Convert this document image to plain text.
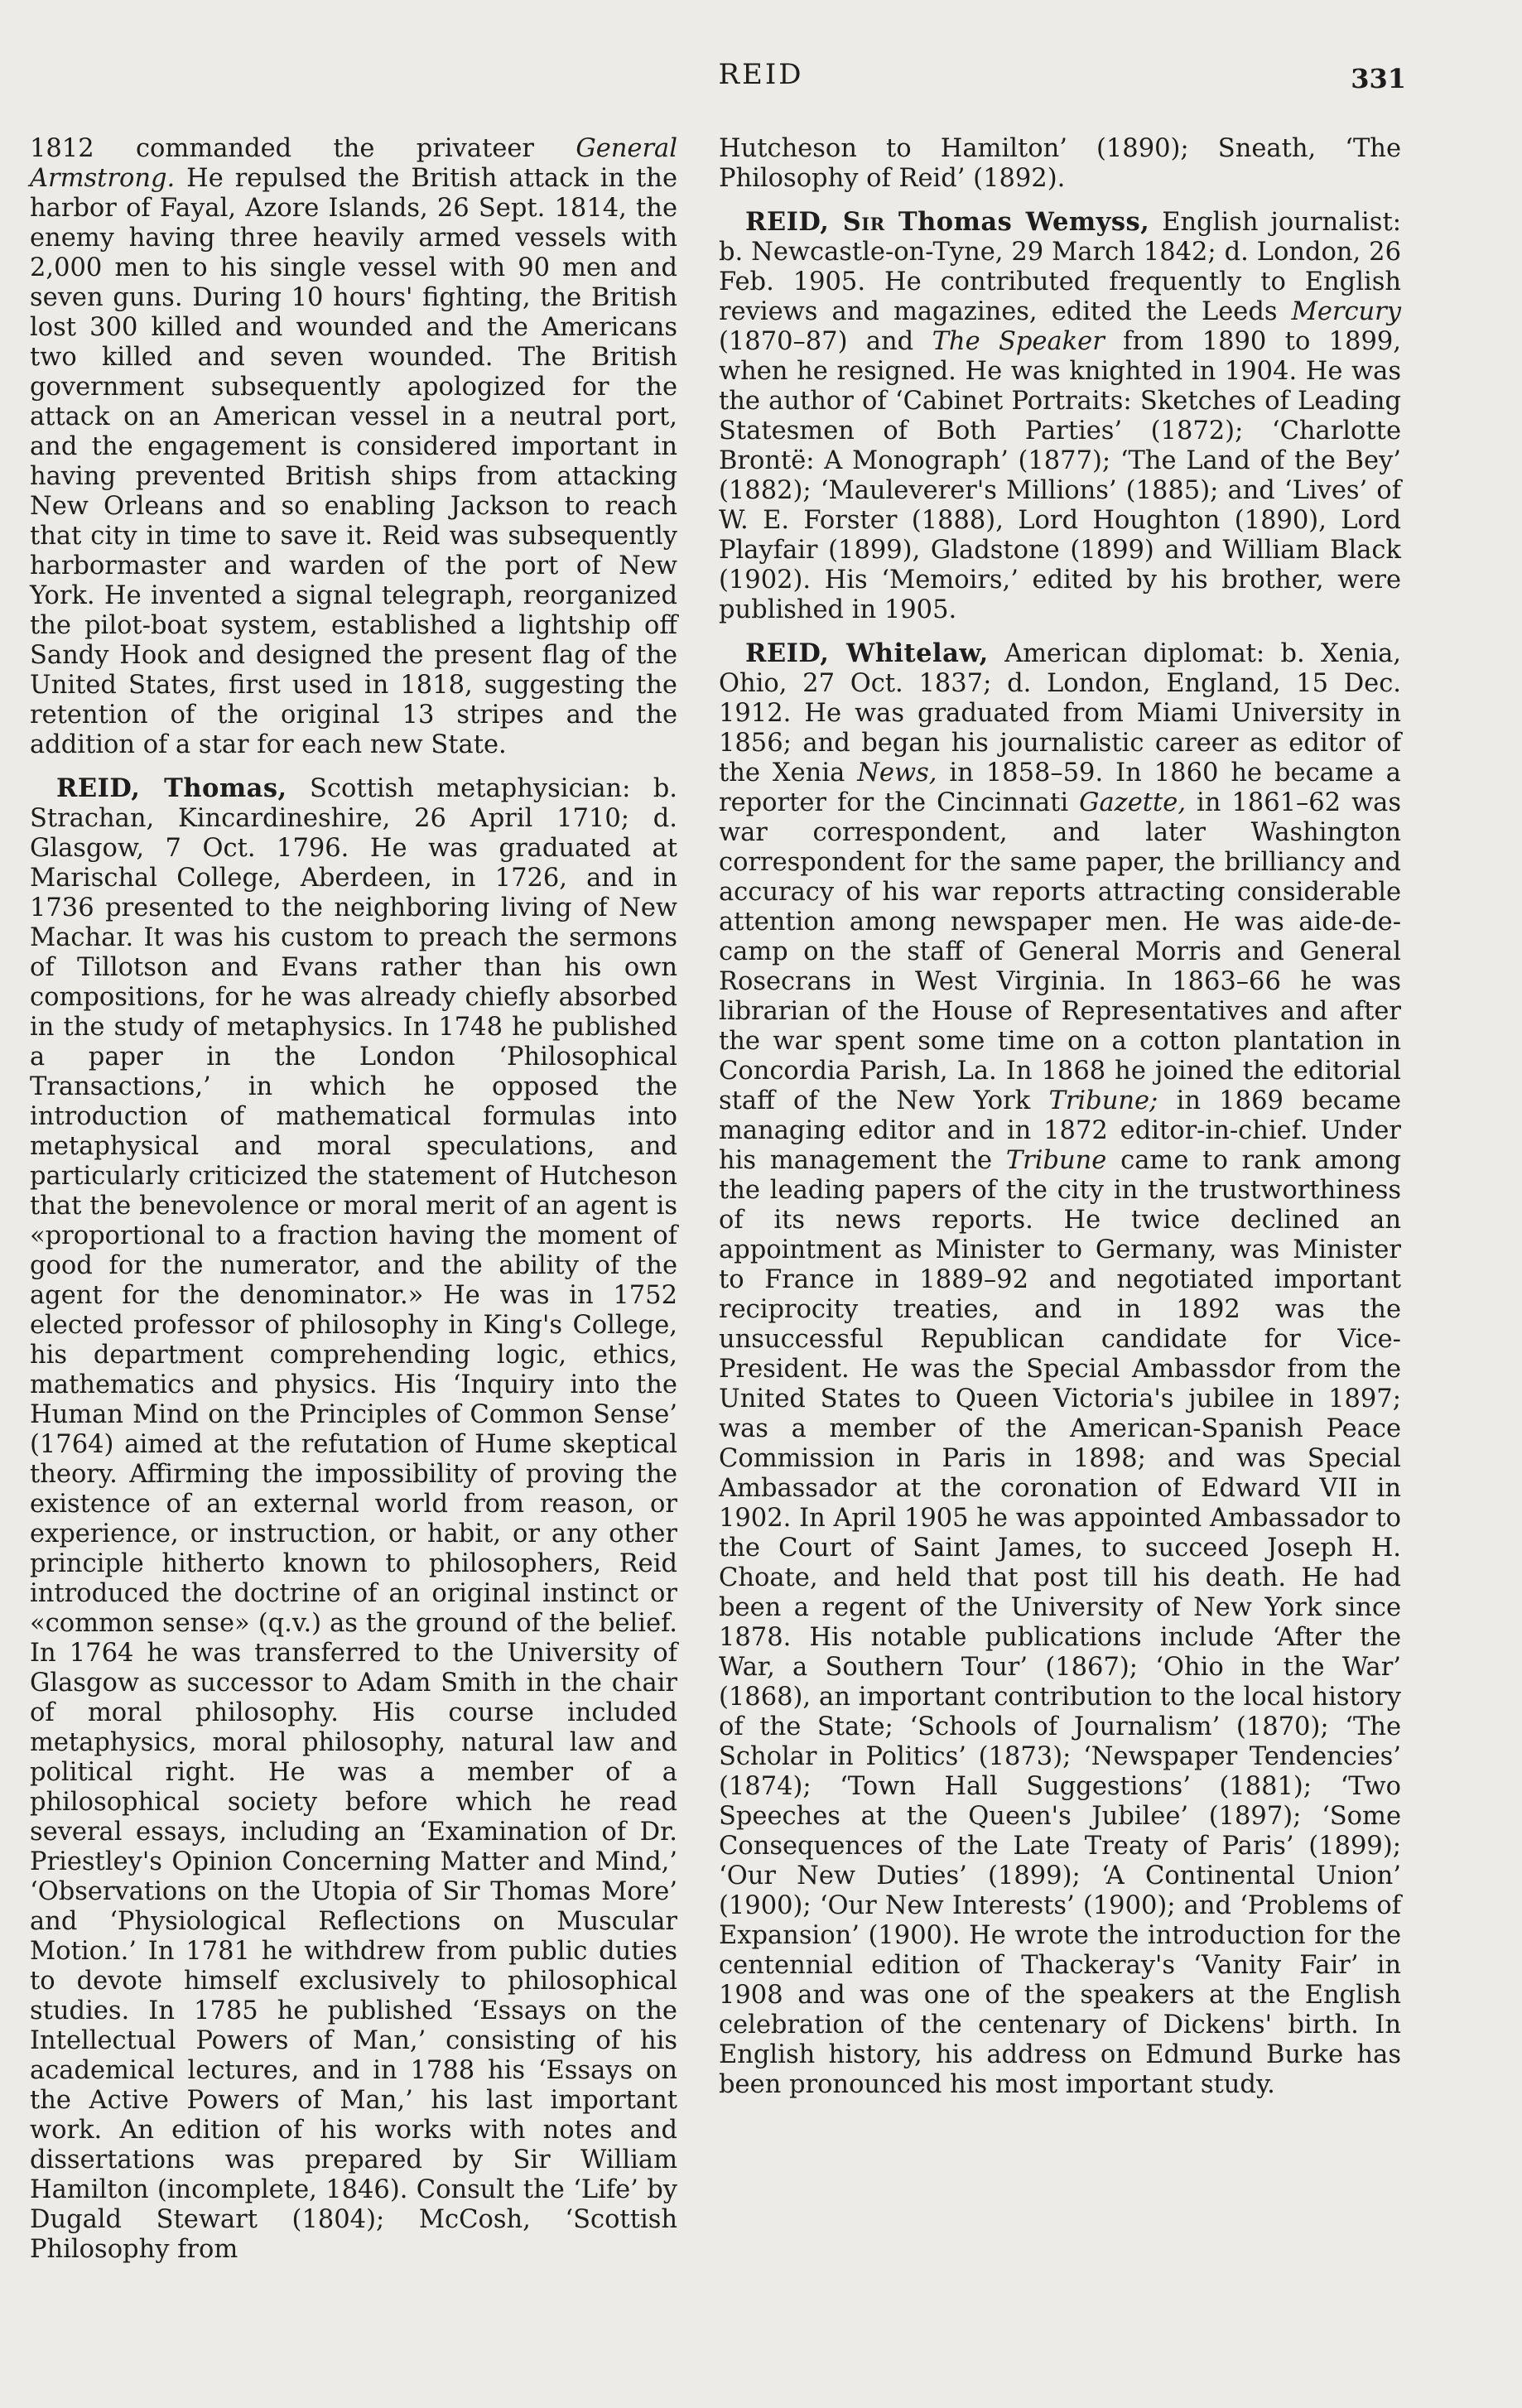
REID	331

1812 commanded the privateer General Armstrong. He repulsed the British attack in the harbor of Fayal, Azore Islands, 26 Sept. 1814, the enemy having three heavily armed vessels with 2,000 men to his single vessel with 90 men and seven guns. During 10 hours' fighting, the British lost 300 killed and wounded and the Americans two killed and seven wounded. The British government subsequently apologized for the attack on an American vessel in a neutral port, and the engagement is considered important in having prevented British ships from attacking New Orleans and so enabling Jackson to reach that city in time to save it. Reid was subsequently harbormaster and warden of the port of New York. He invented a signal telegraph, reorganized the pilot-boat system, established a lightship off Sandy Hook and designed the present flag of the United States, first used in 1818, suggesting the retention of the original 13 stripes and the addition of a star for each new State.

REID, Thomas, Scottish metaphysician: b. Strachan, Kincardineshire, 26 April 1710; d. Glasgow, 7 Oct. 1796. He was graduated at Marischal College, Aberdeen, in 1726, and in 1736 presented to the neighboring living of New Machar. It was his custom to preach the sermons of Tillotson and Evans rather than his own compositions, for he was already chiefly absorbed in the study of metaphysics. In 1748 he published a paper in the London ‘Philosophical Transactions,’ in which he opposed the introduction of mathematical formulas into metaphysical and moral speculations, and particularly criticized the statement of Hutcheson that the benevolence or moral merit of an agent is «proportional to a fraction having the moment of good for the numerator, and the ability of the agent for the denominator.» He was in 1752 elected professor of philosophy in King's College, his department comprehending logic, ethics, mathematics and physics. His ‘Inquiry into the Human Mind on the Principles of Common Sense’ (1764) aimed at the refutation of Hume skeptical theory. Affirming the impossibility of proving the existence of an external world from reason, or experience, or instruction, or habit, or any other principle hitherto known to philosophers, Reid introduced the doctrine of an original instinct or «common sense» (q.v.) as the ground of the belief. In 1764 he was transferred to the University of Glasgow as successor to Adam Smith in the chair of moral philosophy. His course included metaphysics, moral philosophy, natural law and political right. He was a member of a philosophical society before which he read several essays, including an ‘Examination of Dr. Priestley's Opinion Concerning Matter and Mind,’ ‘Observations on the Utopia of Sir Thomas More’ and ‘Physiological Reflections on Muscular Motion.’ In 1781 he withdrew from public duties to devote himself exclusively to philosophical studies. In 1785 he published ‘Essays on the Intellectual Powers of Man,’ consisting of his academical lectures, and in 1788 his ‘Essays on the Active Powers of Man,’ his last important work. An edition of his works with notes and dissertations was prepared by Sir William Hamilton (incomplete, 1846). Consult the ‘Life’ by Dugald Stewart (1804); McCosh, ‘Scottish Philosophy from

Hutcheson to Hamilton’ (1890); Sneath, ‘The Philosophy of Reid’ (1892).

REID, Sir Thomas Wemyss, English journalist: b. Newcastle-on-Tyne, 29 March 1842; d. London, 26 Feb. 1905. He contributed frequently to English reviews and magazines, edited the Leeds Mercury (1870–87) and The Speaker from 1890 to 1899, when he resigned. He was knighted in 1904. He was the author of ‘Cabinet Portraits: Sketches of Leading Statesmen of Both Parties’ (1872); ‘Charlotte Brontë: A Monograph’ (1877); ‘The Land of the Bey’ (1882); ‘Mauleverer's Millions’ (1885); and ‘Lives’ of W. E. Forster (1888), Lord Houghton (1890), Lord Playfair (1899), Gladstone (1899) and William Black (1902). His ‘Memoirs,’ edited by his brother, were published in 1905.

REID, Whitelaw, American diplomat: b. Xenia, Ohio, 27 Oct. 1837; d. London, England, 15 Dec. 1912. He was graduated from Miami University in 1856; and began his journalistic career as editor of the Xenia News, in 1858–59. In 1860 he became a reporter for the Cincinnati Gazette, in 1861–62 was war correspondent, and later Washington correspondent for the same paper, the brilliancy and accuracy of his war reports attracting considerable attention among newspaper men. He was aide-de-camp on the staff of General Morris and General Rosecrans in West Virginia. In 1863–66 he was librarian of the House of Representatives and after the war spent some time on a cotton plantation in Concordia Parish, La. In 1868 he joined the editorial staff of the New York Tribune; in 1869 became managing editor and in 1872 editor-in-chief. Under his management the Tribune came to rank among the leading papers of the city in the trustworthiness of its news reports. He twice declined an appointment as Minister to Germany, was Minister to France in 1889–92 and negotiated important reciprocity treaties, and in 1892 was the unsuccessful Republican candidate for Vice-President. He was the Special Ambassdor from the United States to Queen Victoria's jubilee in 1897; was a member of the American-Spanish Peace Commission in Paris in 1898; and was Special Ambassador at the coronation of Edward VII in 1902. In April 1905 he was appointed Ambassador to the Court of Saint James, to succeed Joseph H. Choate, and held that post till his death. He had been a regent of the University of New York since 1878. His notable publications include ‘After the War, a Southern Tour’ (1867); ‘Ohio in the War’ (1868), an important contribution to the local history of the State; ‘Schools of Journalism’ (1870); ‘The Scholar in Politics’ (1873); ‘Newspaper Tendencies’ (1874); ‘Town Hall Suggestions’ (1881); ‘Two Speeches at the Queen's Jubilee’ (1897); ‘Some Consequences of the Late Treaty of Paris’ (1899); ‘Our New Duties’ (1899); ‘A Continental Union’ (1900); ‘Our New Interests’ (1900); and ‘Problems of Expansion’ (1900). He wrote the introduction for the centennial edition of Thackeray's ‘Vanity Fair’ in 1908 and was one of the speakers at the English celebration of the centenary of Dickens' birth. In English history, his address on Edmund Burke has been pronounced his most important study.
